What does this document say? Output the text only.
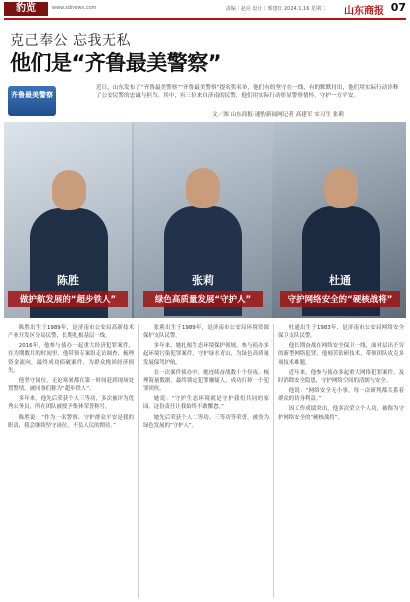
豹览	www.sdnews.com	责编｜赵亮 设计｜邢建红 2024.1.16 星期二 山东商报 07
克己奉公 忘我无私
他们是“齐鲁最美警察”
齐鲁最美警察
近日，山东发布了“齐鲁最美警察”“齐鲁最美警察”提名奖名单，他们有的坚守在一线，有的默默付出，他们用实际行动诠释了公安民警的忠诚与担当。其中，有三位来自济南的民警，他们用实际行动彰显警察情怀，守护一方平安。
文／图 山东商报·速豹新闻网记者 高建军 实习生 张莉
陈胜
做护航发展的“超步铁人”
张莉
绿色高质量发展“守护人”
杜通
守护网络安全的“硬核战将”

陈胜出生于1989年，是济南市公安局高新技术产业开发区分局民警，长期扎根基层一线。

2016年，他参与侦办一起重大经济犯罪案件，在为期数月的时间里，他带领专案组走访调查、梳理资金流向，最终成功侦破案件，为群众挽回经济损失。

他坚守岗位，无论寒暑都在第一时间赶到现场处置警情，被同事们称为“超步铁人”。

多年来，他先后荣获个人三等功，多次被评为优秀公务员，所在团队被授予集体荣誉称号。

陈胜说：“作为一名警察，守护群众平安是我的职责，我会继续坚守岗位，不负人民的期待。”

张莉出生于1989年，是济南市公安局环境资源保护支队民警。

多年来，她扎根生态环境保护领域，参与侦办多起环境污染犯罪案件，守护绿水青山，为绿色高质量发展保驾护航。

在一次案件侦办中，她连续奋战数十个昼夜，梳理海量数据，最终锁定犯罪嫌疑人，成功打掉一个犯罪团伙。

她说：“守护生态环境就是守护我们共同的家园，这份责任让我始终不敢懈怠。”

她先后荣获个人二等功、三等功等荣誉，被誉为绿色发展的“守护人”。

杜通出生于1983年，是济南市公安局网络安全保卫支队民警。

他长期奋战在网络安全保卫一线，面对层出不穷的新型网络犯罪，他刻苦钻研技术，带领团队攻克多项技术难题。

近年来，他参与侦办多起重大网络犯罪案件，及时消除安全隐患，守护网络空间的清朗与安全。

他说：“网络安全无小事，每一次研判都关系着群众的切身利益。”

因工作成绩突出，他多次荣立个人功，被称为守护网络安全的“硬核战将”。
